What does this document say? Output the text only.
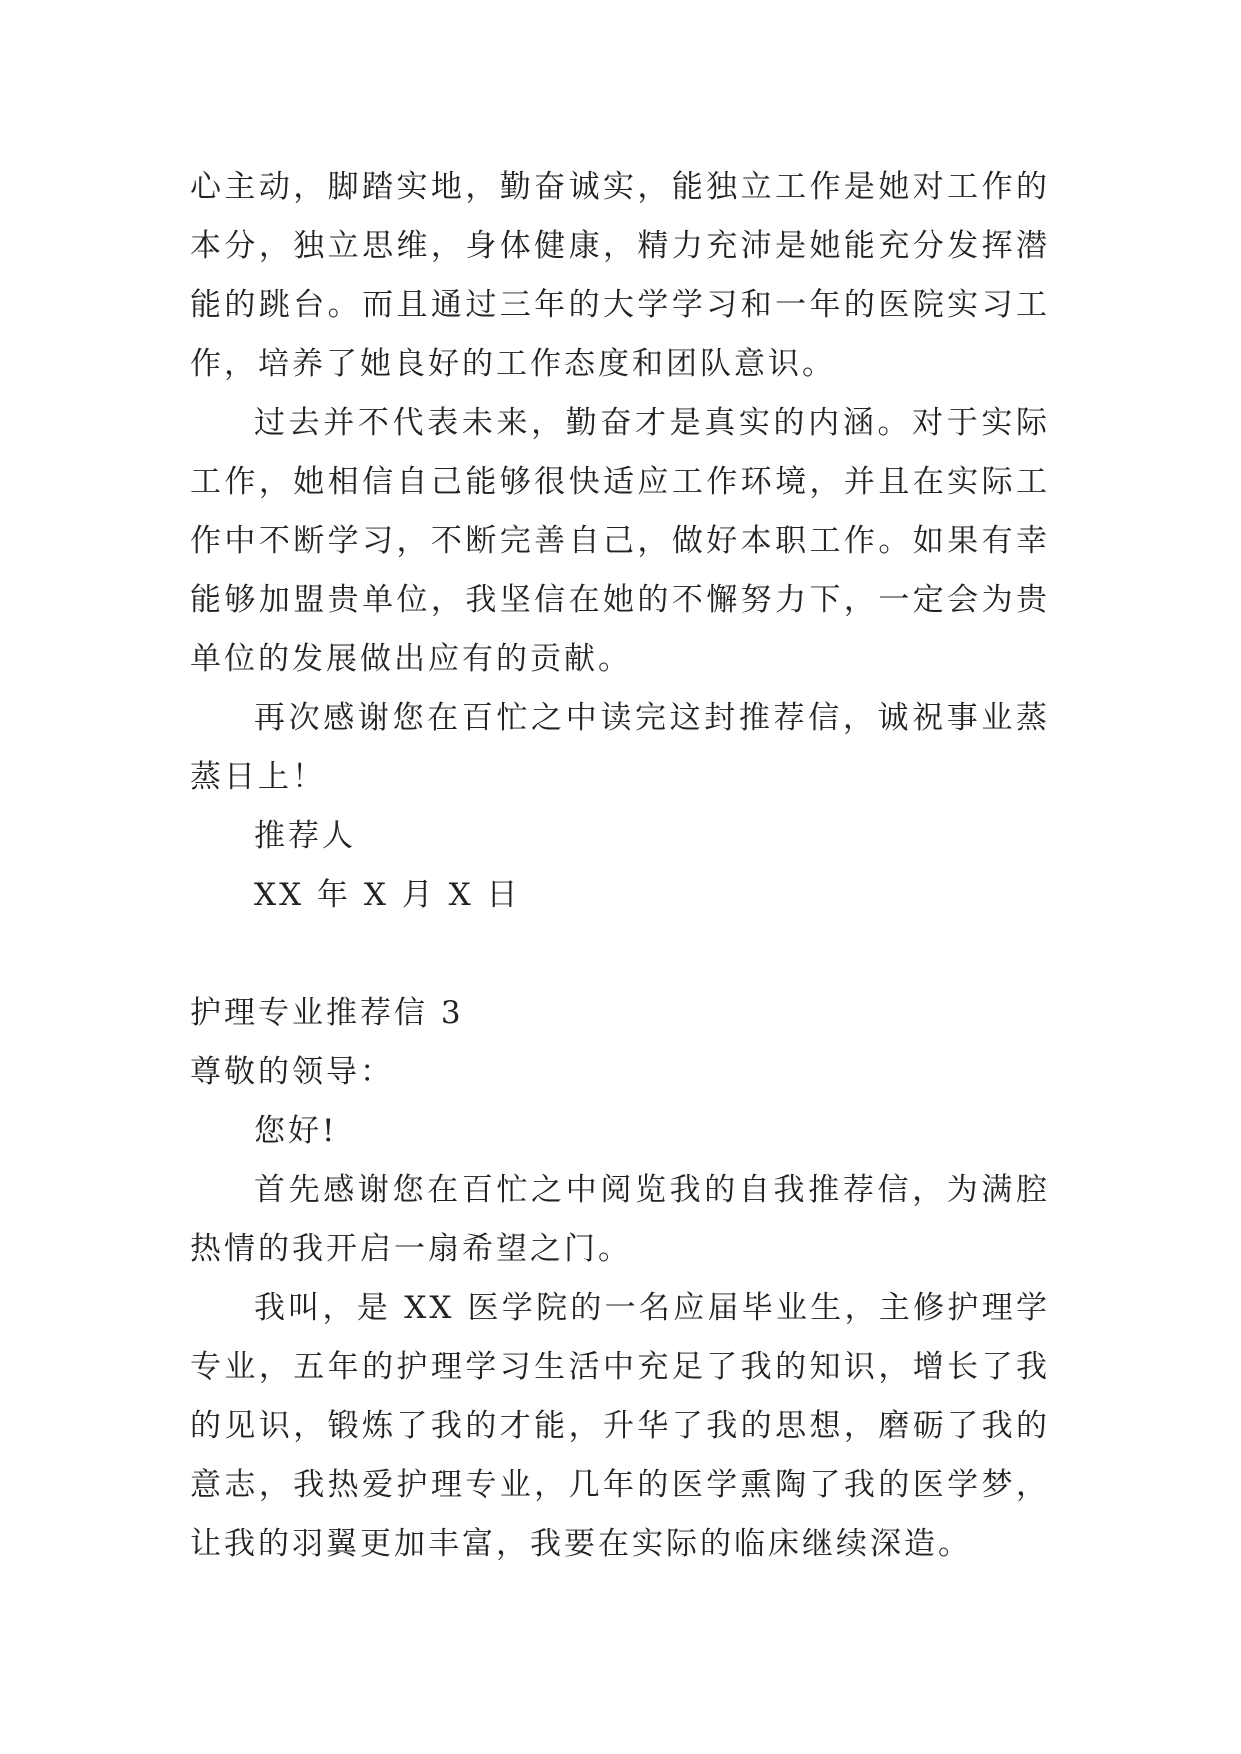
心主动，脚踏实地，勤奋诚实，能独立工作是她对工作的本分，独立思维，身体健康，精力充沛是她能充分发挥潜能的跳台。而且通过三年的大学学习和一年的医院实习工作，培养了她良好的工作态度和团队意识。

过去并不代表未来，勤奋才是真实的内涵。对于实际工作，她相信自己能够很快适应工作环境，并且在实际工作中不断学习，不断完善自己，做好本职工作。如果有幸能够加盟贵单位，我坚信在她的不懈努力下，一定会为贵单位的发展做出应有的贡献。

再次感谢您在百忙之中读完这封推荐信，诚祝事业蒸蒸日上！

推荐人

XX 年 X 月 X 日

护理专业推荐信 3

尊敬的领导：

您好!

首先感谢您在百忙之中阅览我的自我推荐信，为满腔热情的我开启一扇希望之门。

我叫，是 XX 医学院的一名应届毕业生，主修护理学专业，五年的护理学习生活中充足了我的知识，增长了我的见识，锻炼了我的才能，升华了我的思想，磨砺了我的意志，我热爱护理专业，几年的医学熏陶了我的医学梦，让我的羽翼更加丰富，我要在实际的临床继续深造。
